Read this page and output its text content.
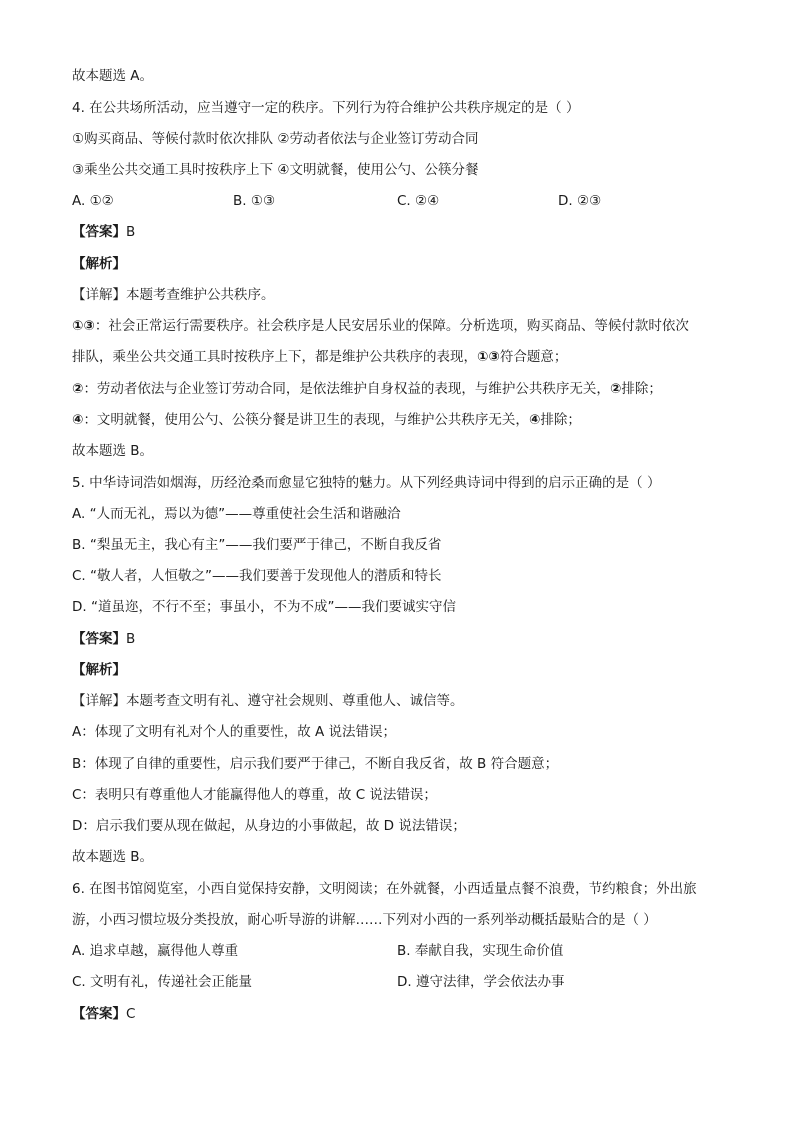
故本题选 A。
4. 在公共场所活动，应当遵守一定的秩序。下列行为符合维护公共秩序规定的是（ ）
①购买商品、等候付款时依次排队 ②劳动者依法与企业签订劳动合同
③乘坐公共交通工具时按秩序上下 ④文明就餐，使用公勺、公筷分餐
A. ①②	B. ①③	C. ②④	D. ②③
【答案】B
【解析】
【详解】本题考查维护公共秩序。
①③：社会正常运行需要秩序。社会秩序是人民安居乐业的保障。分析选项，购买商品、等候付款时依次
排队，乘坐公共交通工具时按秩序上下，都是维护公共秩序的表现，①③符合题意；
②：劳动者依法与企业签订劳动合同，是依法维护自身权益的表现，与维护公共秩序无关，②排除；
④：文明就餐，使用公勺、公筷分餐是讲卫生的表现，与维护公共秩序无关，④排除；
故本题选 B。
5. 中华诗词浩如烟海，历经沧桑而愈显它独特的魅力。从下列经典诗词中得到的启示正确的是（ ）
A. “人而无礼，焉以为德”——尊重使社会生活和谐融洽
B. “梨虽无主，我心有主”——我们要严于律己，不断自我反省
C. “敬人者，人恒敬之”——我们要善于发现他人的潜质和特长
D. “道虽迩，不行不至；事虽小，不为不成”——我们要诚实守信
【答案】B
【解析】
【详解】本题考查文明有礼、遵守社会规则、尊重他人、诚信等。
A：体现了文明有礼对个人的重要性，故 A 说法错误；
B：体现了自律的重要性，启示我们要严于律己，不断自我反省，故 B 符合题意；
C：表明只有尊重他人才能赢得他人的尊重，故 C 说法错误；
D：启示我们要从现在做起，从身边的小事做起，故 D 说法错误；
故本题选 B。
6. 在图书馆阅览室，小西自觉保持安静，文明阅读；在外就餐，小西适量点餐不浪费，节约粮食；外出旅
游，小西习惯垃圾分类投放，耐心听导游的讲解……下列对小西的一系列举动概括最贴合的是（ ）
A. 追求卓越，赢得他人尊重	B. 奉献自我，实现生命价值
C. 文明有礼，传递社会正能量	D. 遵守法律，学会依法办事
【答案】C
